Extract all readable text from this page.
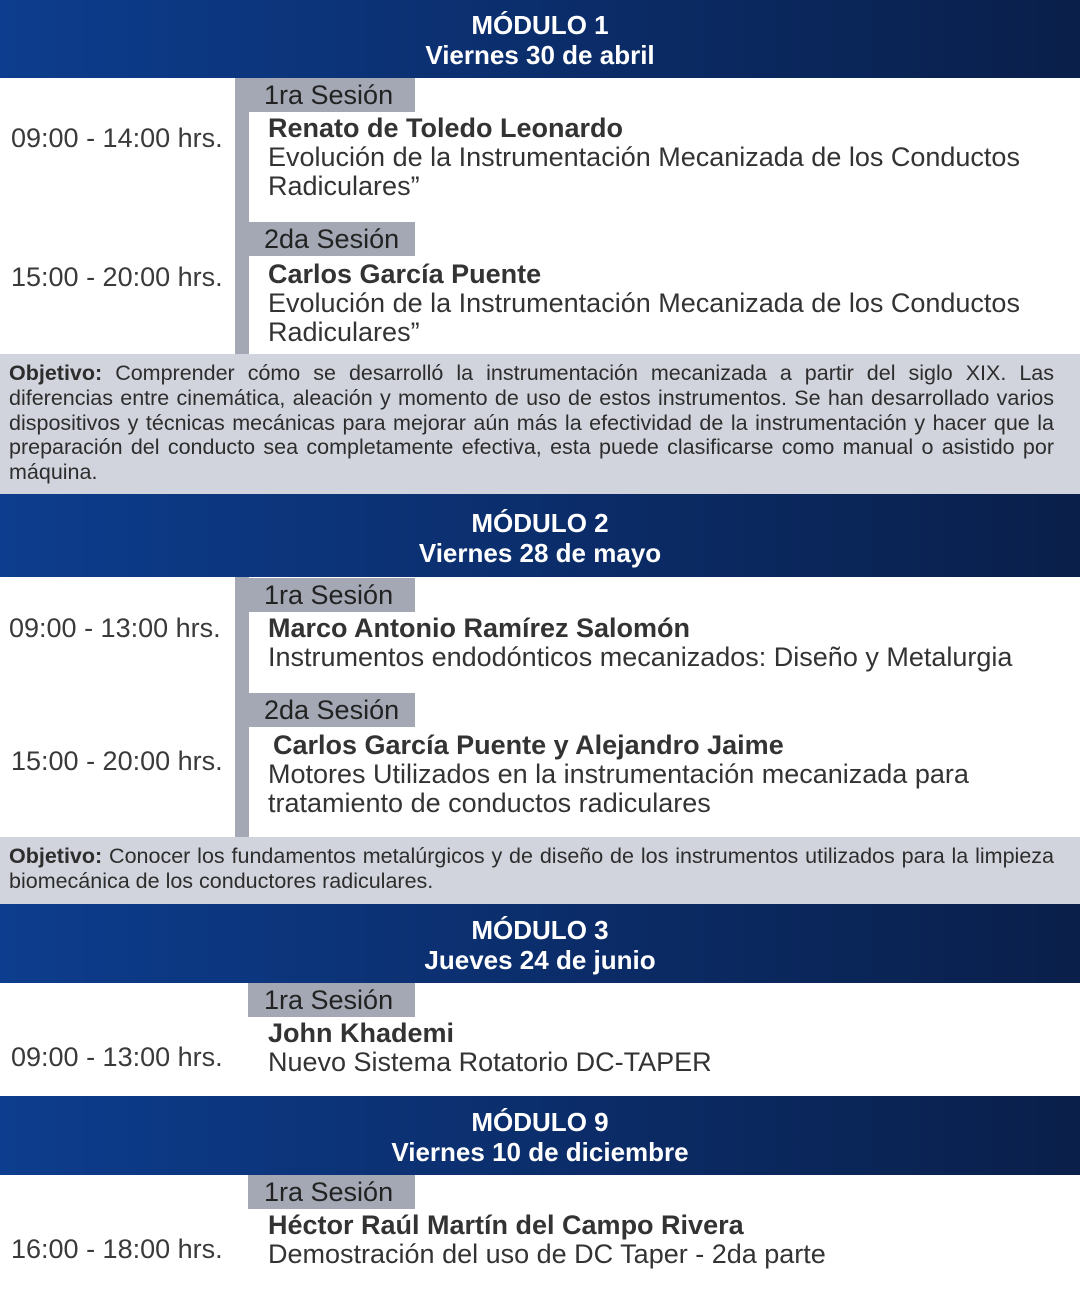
MÓDULO 1
Viernes 30 de abril
1ra Sesión
09:00 - 14:00 hrs. Renato de Toledo Leonardo
Evolución de la Instrumentación Mecanizada de los Conductos Radiculares”
2da Sesión
15:00 - 20:00 hrs. Carlos García Puente
Evolución de la Instrumentación Mecanizada de los Conductos Radiculares”
Objetivo: Comprender cómo se desarrolló la instrumentación mecanizada a partir del siglo XIX. Las diferencias entre cinemática, aleación y momento de uso de estos instrumentos. Se han desarrollado varios dispositivos y técnicas mecánicas para mejorar aún más la efectividad de la instrumentación y hacer que la preparación del conducto sea completamente efectiva, esta puede clasificarse como manual o asistido por máquina.
MÓDULO 2
Viernes 28 de mayo
1ra Sesión
09:00 - 13:00 hrs. Marco Antonio Ramírez Salomón
Instrumentos endodónticos mecanizados: Diseño y Metalurgia
2da Sesión
15:00 - 20:00 hrs.
Carlos García Puente y Alejandro Jaime
Motores Utilizados en la instrumentación mecanizada para tratamiento de conductos radiculares
Objetivo: Conocer los fundamentos metalúrgicos y de diseño de los instrumentos utilizados para la limpieza biomecánica de los conductores radiculares.
MÓDULO 3
Jueves 24 de junio
1ra Sesión
09:00 - 13:00 hrs.
John Khademi
Nuevo Sistema Rotatorio DC-TAPER
MÓDULO 9
Viernes 10 de diciembre
1ra Sesión
16:00 - 18:00 hrs.
Héctor Raúl Martín del Campo Rivera
Demostración del uso de DC Taper - 2da parte
